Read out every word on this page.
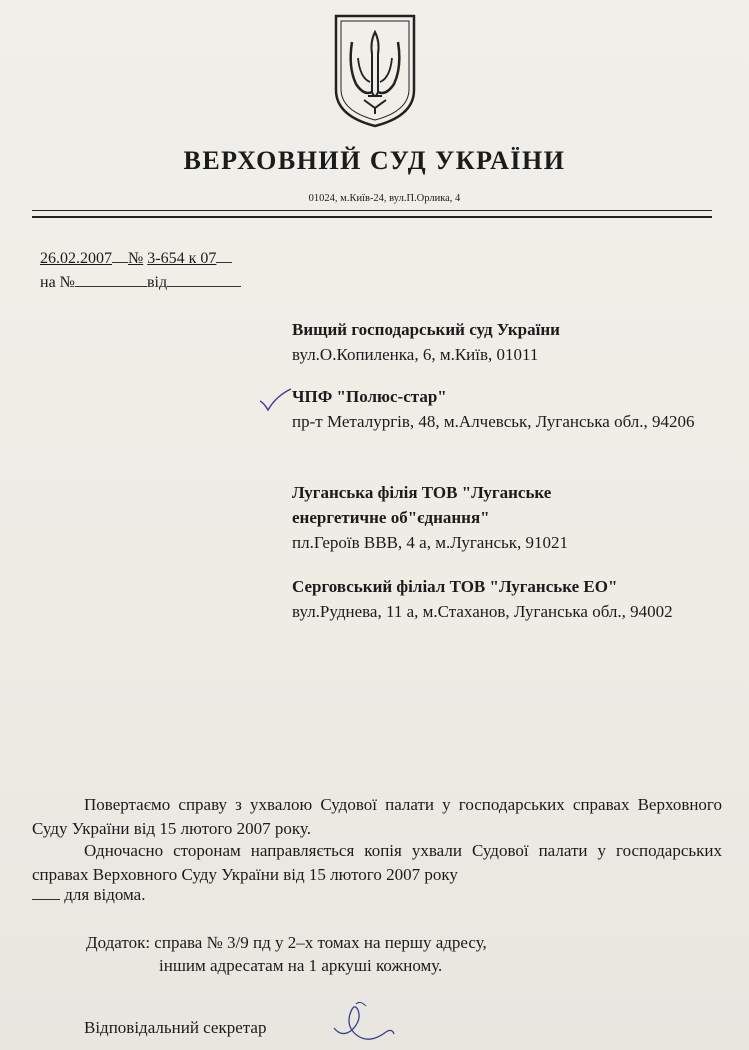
ВЕРХОВНИЙ СУД УКРАЇНИ
01024, м.Київ-24, вул.П.Орлика, 4
26.02.2007 № 3-654 к 07
на №	від
Вищий господарський суд України
вул.О.Копиленка, 6, м.Київ, 01011
ЧПФ "Полюс-стар"
пр-т Металургів, 48, м.Алчевськ, Луганська обл., 94206
Луганська філія ТОВ "Луганське енергетичне об"єднання"
пл.Героїв ВВВ, 4 а, м.Луганськ, 91021
Серговський філіал ТОВ "Луганське ЕО"
вул.Руднева, 11 а, м.Стаханов, Луганська обл., 94002
Повертаємо справу з ухвалою Судової палати у господарських справах Верховного Суду України від 15 лютого 2007 року.
Одночасно сторонам направляється копія ухвали Судової палати у господарських справах Верховного Суду України від 15 лютого 2007 року
для відома.
Додаток: справа № 3/9 пд у 2–х томах на першу адресу,
іншим адресатам на 1 аркуші кожному.
Відповідальний секретар
